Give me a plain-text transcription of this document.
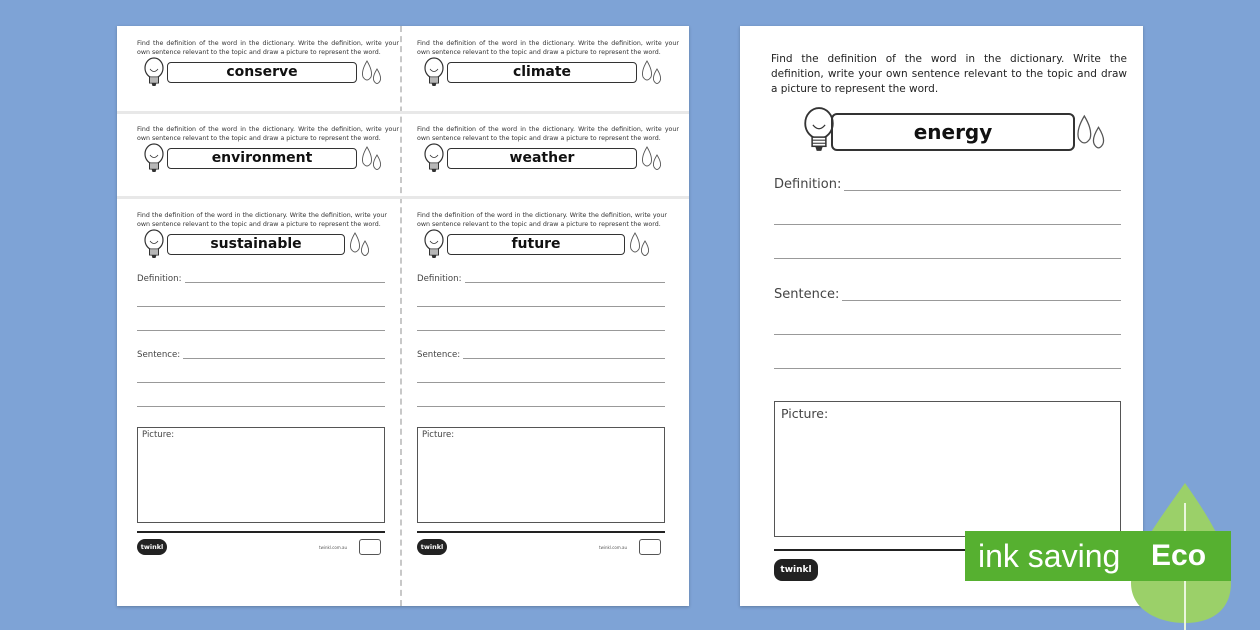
Find the definition of the word in the dictionary. Write the definition, write your own sentence relevant to the topic and draw a picture to represent the word.

conserve

Find the definition of the word in the dictionary. Write the definition, write your own sentence relevant to the topic and draw a picture to represent the word.

climate

Find the definition of the word in the dictionary. Write the definition, write your own sentence relevant to the topic and draw a picture to represent the word.

environment

Find the definition of the word in the dictionary. Write the definition, write your own sentence relevant to the topic and draw a picture to represent the word.

weather

Find the definition of the word in the dictionary. Write the definition, write your own sentence relevant to the topic and draw a picture to represent the word.

sustainable
Definition:
Sentence:
Picture:
twinkl	twinkl.com.au

Find the definition of the word in the dictionary. Write the definition, write your own sentence relevant to the topic and draw a picture to represent the word.

future
Definition:
Sentence:
Picture:
twinkl	twinkl.com.au

Find the definition of the word in the dictionary. Write the definition, write your own sentence relevant to the topic and draw a picture to represent the word.

energy
Definition:
Sentence:
Picture:
twinkl	ink saving Eco
